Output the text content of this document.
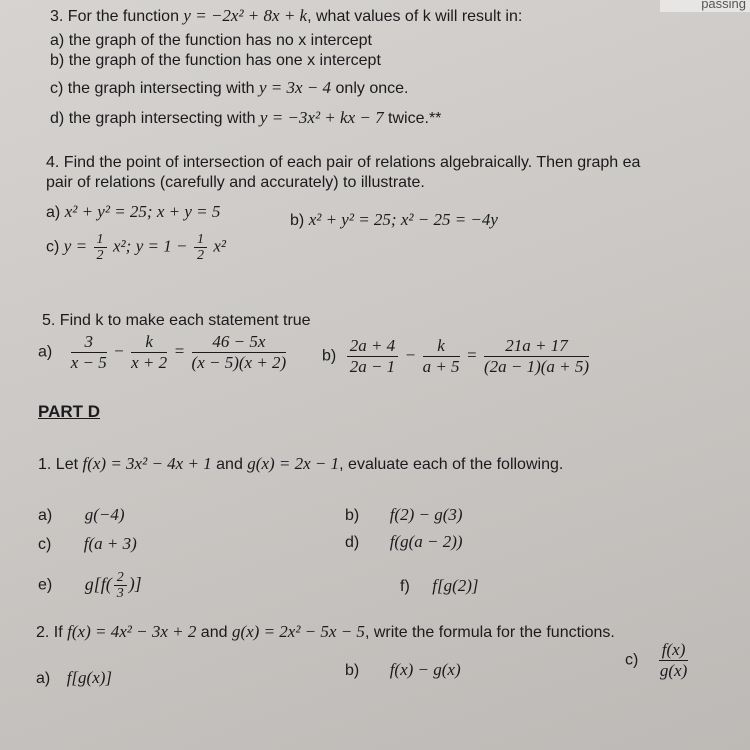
passing
3. For the function y = −2x² + 8x + k, what values of k will result in:
a) the graph of the function has no x intercept
b) the graph of the function has one x intercept
c) the graph intersecting with y = 3x − 4 only once.
d) the graph intersecting with y = −3x² + kx − 7 twice.**
4. Find the point of intersection of each pair of relations algebraically. Then graph ea
pair of relations (carefully and accurately) to illustrate.
a) x² + y² = 25; x + y = 5	b) x² + y² = 25; x² − 25 = −4y
c) $y = \frac{1}{2} x^2$; $y = 1 - \frac{1}{2} x^2$
5. Find k to make each statement true
$a) \frac{3}{x - 5} - \frac{k}{x + 2} = \frac{46 - 5x}{(x - 5)(x + 2)} b) \frac{2a + 4}{2a - 1} - \frac{k}{a + 5} = \frac{21a + 17}{(2a - 1)(a + 5)}$
PART D
1. Let f(x) = 3x² − 4x + 1 and g(x) = 2x − 1, evaluate each of the following.
a) g(−4)	b) f(2) − g(3)
c) f(a + 3)	d) f(g(a − 2))
e) $g[f( \frac{2}{3}$ )]	f) f[g(2)]
2. If f(x) = 4x² − 3x + 2 and g(x) = 2x² − 5x − 5, write the formula for the functions.
a) f[g(x)]	b) f(x) − g(x)	$c) \frac{f(x)}{g(x)}$
